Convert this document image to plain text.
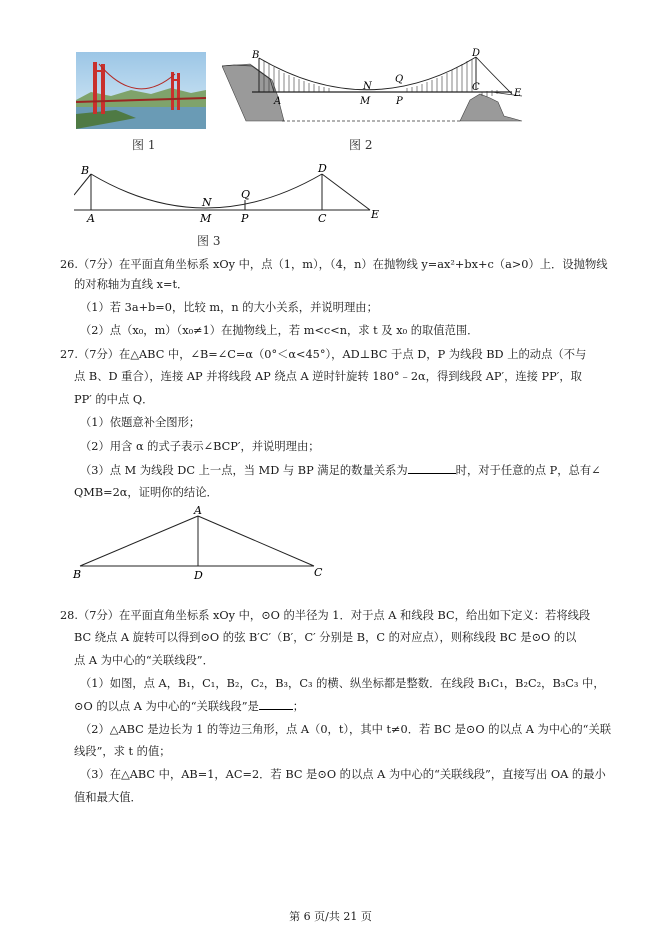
图 1
B
A
N
M
Q
P
D
C
E
图 2
B
A
N
M
Q
P
D
C	E
图 3
26.（7分）在平面直角坐标系 xOy 中，点（1，m），（4，n）在抛物线 y=ax²+bx+c（a>0）上．设抛物线
的对称轴为直线 x=t．
（1）若 3a+b=0，比较 m，n 的大小关系，并说明理由；
（2）点（x₀，m）（x₀≠1）在抛物线上，若 m<c<n，求 t 及 x₀ 的取值范围．
27.（7分）在△ABC 中，∠B=∠C=α（0°＜α<45°），AD⊥BC 于点 D，P 为线段 BD 上的动点（不与
点 B、D 重合），连接 AP 并将线段 AP 绕点 A 逆时针旋转 180°﹣2α，得到线段 AP′，连接 PP′，取
PP′ 的中点 Q．
（1）依题意补全图形；
（2）用含 α 的式子表示∠BCP′，并说明理由；
（3）点 M 为线段 DC 上一点，当 MD 与 BP 满足的数量关系为	时，对于任意的点 P，总有∠
QMB=2α，证明你的结论．
A
B	D	C
28.（7分）在平面直角坐标系 xOy 中，⊙O 的半径为 1．对于点 A 和线段 BC，给出如下定义：若将线段
BC 绕点 A 旋转可以得到⊙O 的弦 B′C′（B′，C′ 分别是 B，C 的对应点），则称线段 BC 是⊙O 的以
点 A 为中心的“关联线段”．
（1）如图，点 A，B₁，C₁，B₂，C₂，B₃，C₃ 的横、纵坐标都是整数．在线段 B₁C₁，B₂C₂，B₃C₃ 中，
⊙O 的以点 A 为中心的“关联线段”是	；
（2）△ABC 是边长为 1 的等边三角形，点 A（0，t），其中 t≠0．若 BC 是⊙O 的以点 A 为中心的“关联
线段”，求 t 的值；
（3）在△ABC 中，AB=1，AC=2．若 BC 是⊙O 的以点 A 为中心的“关联线段”，直接写出 OA 的最小
值和最大值．
第 6 页/共 21 页
